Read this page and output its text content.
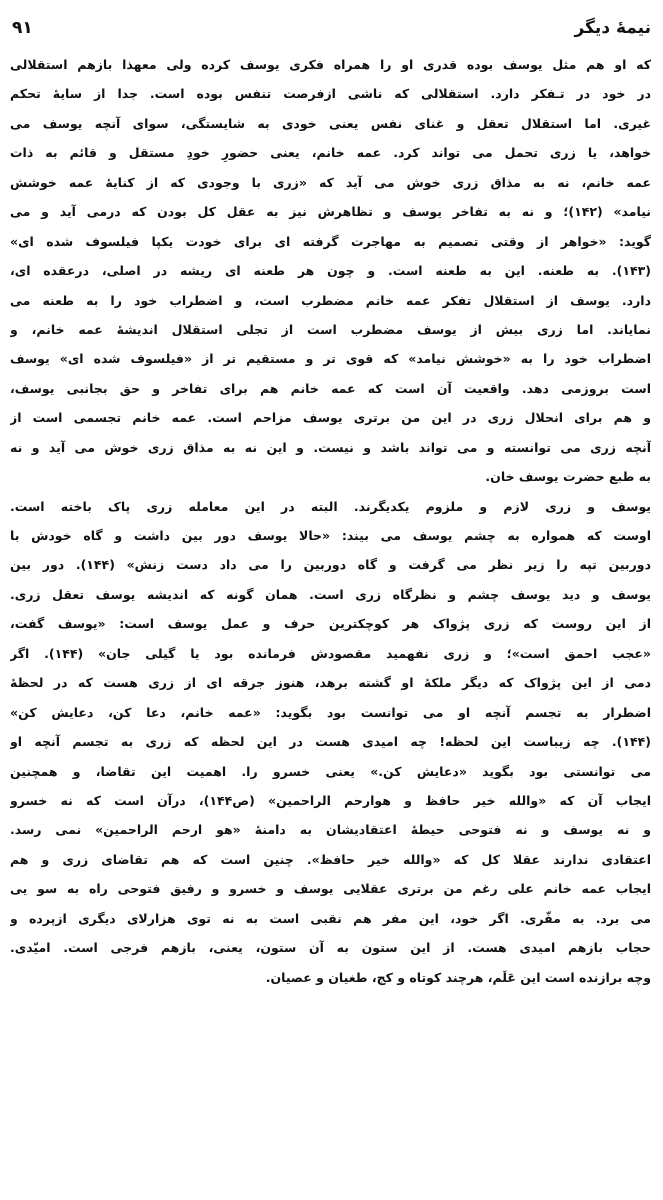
نیمهٔ دیگر
۹۱
که او هم مثل یوسف بوده قدری او را همراه فکری یوسف کرده ولی معهذا بازهم استقلالی
در خود در تـفکر دارد. استقلالی که ناشی ازفرصت تنفس بوده است. جدا از سایهٔ تحکم
غیری. اما استقلال تعقل و غنای نفس یعنی خودی به شایستگی، سوای آنچه یوسف می
خواهد، یا زری تحمل می تواند کرد. عمه خانم، یعنی حضورِ خودِ مستقل و قائم به ذات
عمه خانم، نه به مذاق زری خوش می آید که «زری با وجودی که از کنایهٔ عمه خوشش
نیامد» (۱۴۲)؛ و نه به تفاخر یوسف و تظاهرش نیز به عقل کل بودن که درمی آید و می
گوید: «خواهر از وقتی تصمیم به مهاجرت گرفته ای برای خودت یکپا فیلسوف شده ای»
(۱۴۳). به طعنه. این به طعنه است. و چون هر طعنه ای ریشه در اصلی، درعقده ای،
دارد. یوسف از استقلال تفکر عمه خانم مضطرب است، و اضطراب خود را به طعنه می
نمایاند. اما زری بیش از یوسف مضطرب است از تجلی استقلال اندیشهٔ عمه خانم، و
اضطراب خود را به «خوشش نیامد» که قوی تر و مستقیم تر از «فیلسوف شده ای» یوسف
است بروزمی دهد. واقعیت آن است که عمه خانم هم برای تفاخر و حق بجانبی یوسف،
و هم برای انحلال زری در این من برتری یوسف مزاحم است. عمه خانم تجسمی است از
آنچه زری می توانسته و می تواند باشد و نیست. و این نه به مذاق زری خوش می آید و نه
به طبع حضرت یوسف خان.
یوسف و زری لازم و ملزوم یکدیگرند. البته در این معامله زری پاک باخته است.
اوست که همواره به چشم یوسف می بیند: «حالا یوسف دور بین داشت و گاه خودش با
دوربین تپه را زیر نظر می گرفت و گاه دوربین را می داد دست زنش» (۱۴۴). دور بین
یوسف و دید یوسف چشم و نظرگاه زری است. همان گونه که اندیشه یوسف تعقل زری.
از این روست که زری پژواک هر کوچکترین حرف و عمل یوسف است: «یوسف گفت،
«عجب احمق است»؛ و زری نفهمید مقصودش فرمانده بود یا گیلی جان» (۱۴۴). اگر
دمی از این پژواک که دیگر ملکهٔ او گشته برهد، هنوز جرقه ای از زری هست که در لحظهٔ
اضطرار به تجسم آنچه او می توانست بود بگوید: «عمه خانم، دعا کن، دعایش کن»
(۱۴۴). چه زیباست این لحظه! چه امیدی هست در این لحظه که زری به تجسم آنچه او
می توانستی بود بگوید «دعایش کن.» یعنی خسرو را. اهمیت این تقاضا، و همچنین
ایجاب آن که «والله خیر حافظ و هوارحم الراحمین» (ص۱۴۴)، درآن است که نه خسرو
و نه یوسف و نه فتوحی حیطهٔ اعتقادیشان به دامنهٔ «هو ارحم الراحمین» نمی رسد.
اعتقادی ندارند عقلا کل که «والله خیر حافظ». چنین است که هم تقاضای زری و هم
ایجاب عمه خانم علی رغم من برتری عقلایی یوسف و خسرو و رفیق فتوحی راه به سو یی
می برد. به مفّری. اگر خود، این مفر هم نقبی است به نه توی هزارلای دیگری ازپرده و
حجاب بازهم امیدی هست. از این ستون به آن ستون، یعنی، بازهم فرجی است. امیّدی.
وچه برازنده است این عَلَم، هرچند کوتاه و کج، طغیان و عصیان.
